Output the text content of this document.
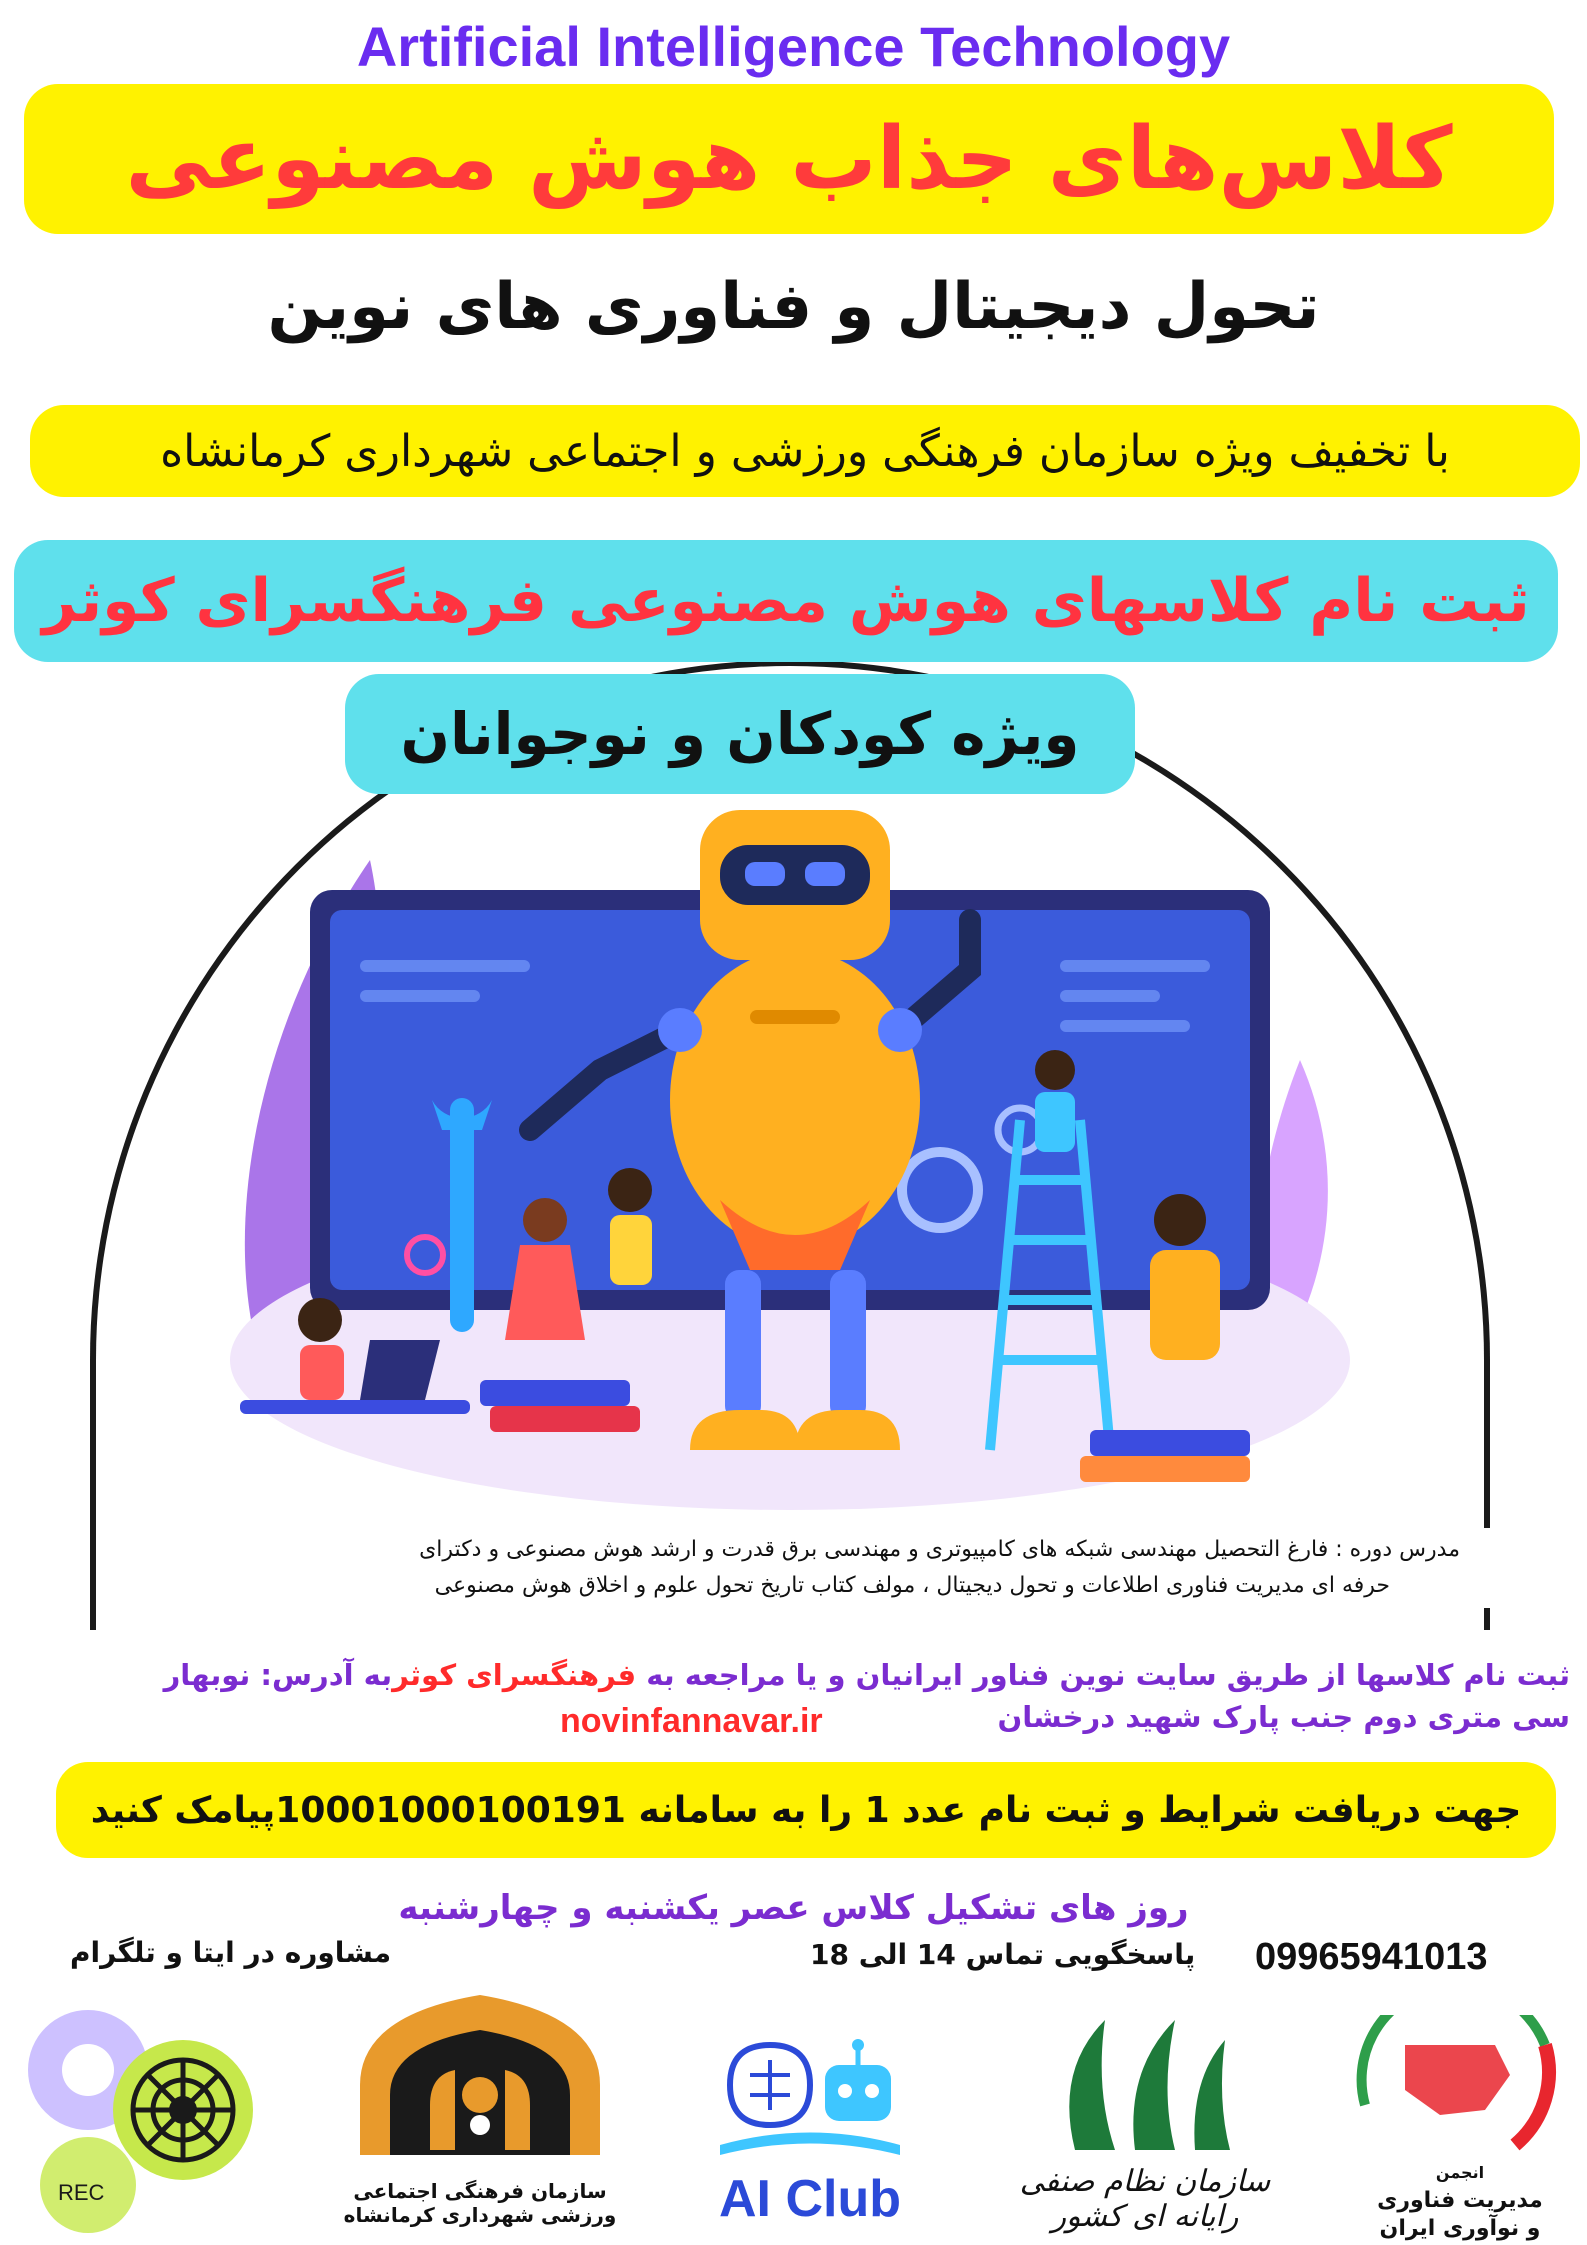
Artificial Intelligence Technology
کلاس‌های جذاب هوش مصنوعی
تحول دیجیتال و فناوری های نوین
با تخفیف ویژه سازمان فرهنگی ورزشی و اجتماعی شهرداری کرمانشاه
ثبت نام کلاسهای هوش مصنوعی فرهنگسرای کوثر
ویژه کودکان و نوجوانان
مدرس دوره : فارغ التحصیل مهندسی شبکه های کامپیوتری و مهندسی برق قدرت و ارشد هوش مصنوعی و دکترای
حرفه ای مدیریت فناوری اطلاعات و تحول دیجیتال ، مولف کتاب تاریخ تحول علوم و اخلاق هوش مصنوعی
ثبت نام کلاسها از طریق سایت نوین فناور ایرانیان و یا مراجعه به فرهنگسرای کوثربه آدرس: نوبهار
سی متری دوم جنب پارک شهید درخشان
novinfannavar.ir
جهت دریافت شرایط و ثبت نام عدد 1 را به سامانه 10001000100191پیامک کنید
روز های تشکیل کلاس عصر یکشنبه و چهارشنبه
09965941013
پاسخگویی تماس 14 الی 18
مشاوره در ایتا و تلگرام
REC	سازمان فرهنگی اجتماعی ورزشی شهرداری کرمانشاه	AI Club	سازمان نظام صنفی رایانه ای کشور
انجمن
مدیریت فناوری
و نوآوری ایران
